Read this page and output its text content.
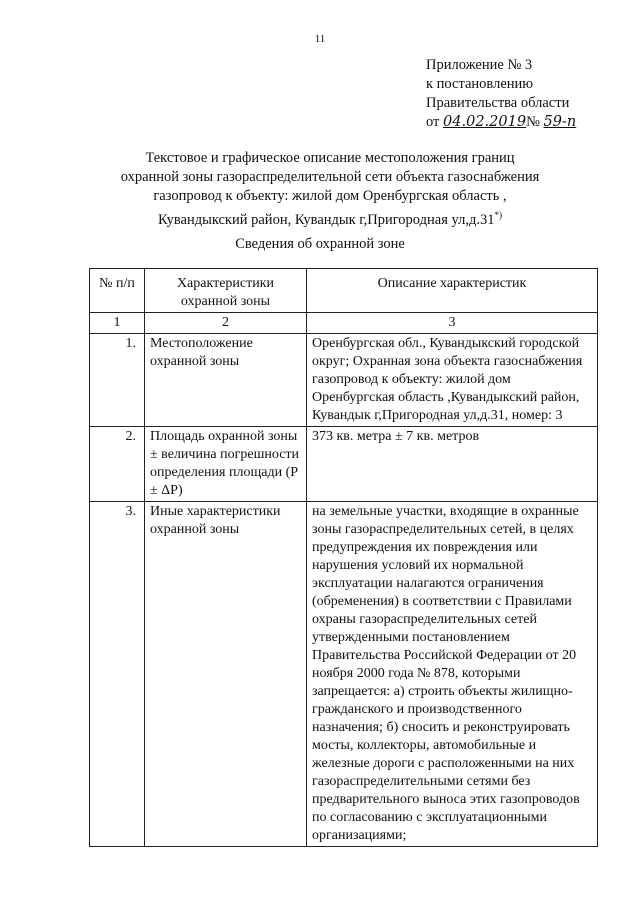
11
Приложение № 3
к постановлению
Правительства области
от 04.02.2019№ 59-п
Текстовое и графическое описание местоположения границ
охранной зоны газораспределительной сети объекта газоснабжения
газопровод к объекту: жилой дом Оренбургская область ,
Кувандыкский район, Кувандык г,Пригородная ул,д.31*)
Сведения об охранной зоне
№ п/п	Характеристики охранной зоны	Описание характеристик
1	2	3
1.	Местоположение охранной зоны	Оренбургская обл., Кувандыкский городской округ; Охранная зона объекта газоснабжения газопровод к объекту: жилой дом Оренбургская область ,Кувандыкский район, Кувандык г,Пригородная ул,д.31, номер: 3
2.	Площадь охранной зоны ± величина погрешности определения площади (P ± ΔP)	373 кв. метра ± 7 кв. метров
3.	Иные характеристики охранной зоны	на земельные участки, входящие в охранные зоны газораспределительных сетей, в целях предупреждения их повреждения или нарушения условий их нормальной эксплуатации налагаются ограничения (обременения) в соответствии с Правилами охраны газораспределительных сетей утвержденными постановлением Правительства Российской Федерации от 20 ноября 2000 года № 878, которыми запрещается: а) строить объекты жилищно-гражданского и производственного назначения; б) сносить и реконструировать мосты, коллекторы, автомобильные и железные дороги с расположенными на них газораспределительными сетями без предварительного выноса этих газопроводов по согласованию с эксплуатационными организациями;
